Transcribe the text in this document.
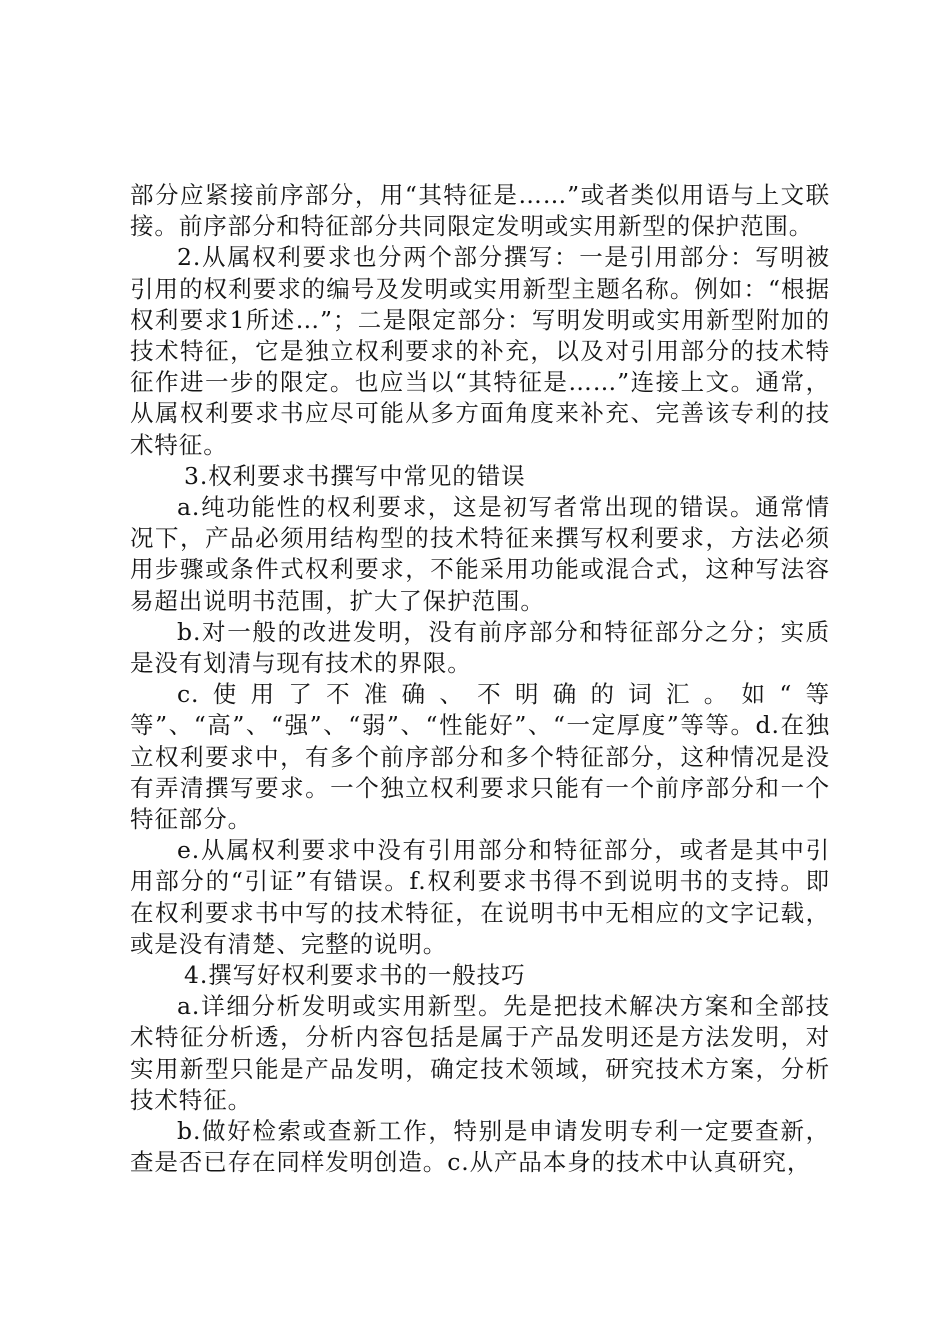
部分应紧接前序部分，用“其特征是……”或者类似用语与上文联接。前序部分和特征部分共同限定发明或实用新型的保护范围。

2.从属权利要求也分两个部分撰写：一是引用部分：写明被引用的权利要求的编号及发明或实用新型主题名称。例如：“根据权利要求1所述…”；二是限定部分：写明发明或实用新型附加的技术特征，它是独立权利要求的补充，以及对引用部分的技术特征作进一步的限定。也应当以“其特征是……”连接上文。通常，从属权利要求书应尽可能从多方面角度来补充、完善该专利的技术特征。

3.权利要求书撰写中常见的错误

a.纯功能性的权利要求，这是初写者常出现的错误。通常情况下，产品必须用结构型的技术特征来撰写权利要求，方法必须用步骤或条件式权利要求，不能采用功能或混合式，这种写法容易超出说明书范围，扩大了保护范围。

b.对一般的改进发明，没有前序部分和特征部分之分；实质是没有划清与现有技术的界限。

c.使用了不准确、不明确的词汇。如“等等”、“高”、“强”、“弱”、“性能好”、“一定厚度”等等。d.在独立权利要求中，有多个前序部分和多个特征部分，这种情况是没有弄清撰写要求。一个独立权利要求只能有一个前序部分和一个特征部分。

e.从属权利要求中没有引用部分和特征部分，或者是其中引用部分的“引证”有错误。f.权利要求书得不到说明书的支持。即在权利要求书中写的技术特征，在说明书中无相应的文字记载，或是没有清楚、完整的说明。

4.撰写好权利要求书的一般技巧

a.详细分析发明或实用新型。先是把技术解决方案和全部技术特征分析透，分析内容包括是属于产品发明还是方法发明，对实用新型只能是产品发明，确定技术领域，研究技术方案，分析技术特征。

b.做好检索或查新工作，特别是申请发明专利一定要查新，查是否已存在同样发明创造。c.从产品本身的技术中认真研究，
